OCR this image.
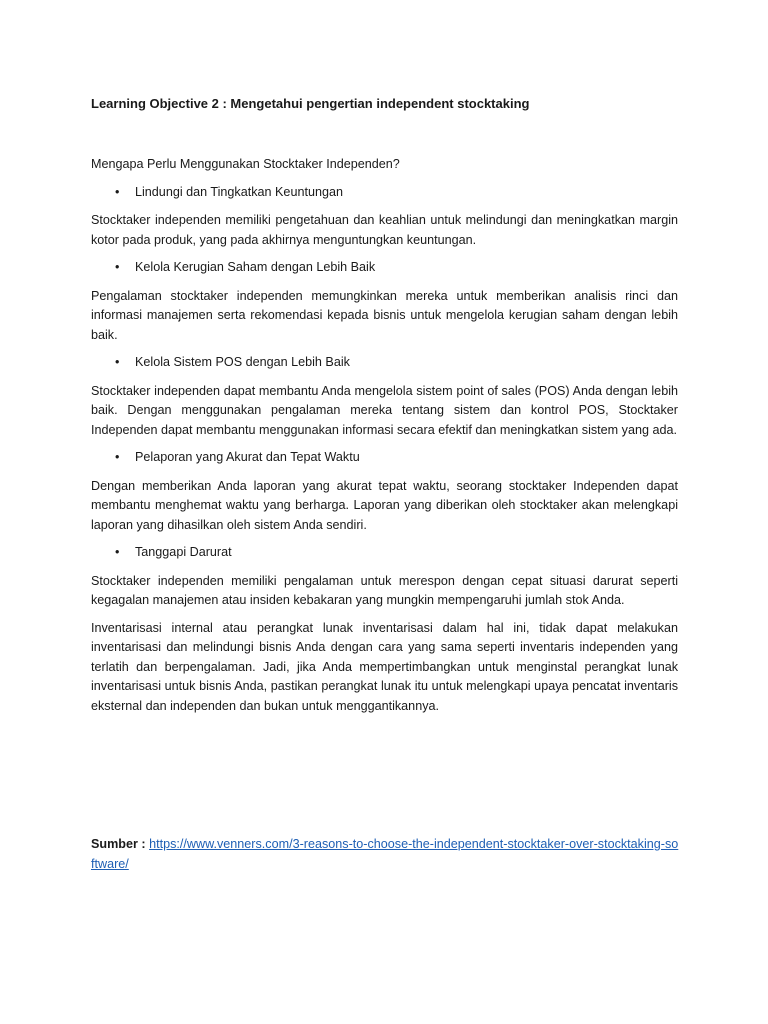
Learning Objective 2 : Mengetahui pengertian independent stocktaking

Mengapa Perlu Menggunakan Stocktaker Independen?

• Lindungi dan Tingkatkan Keuntungan

Stocktaker independen memiliki pengetahuan dan keahlian untuk melindungi dan meningkatkan margin kotor pada produk, yang pada akhirnya menguntungkan keuntungan.

• Kelola Kerugian Saham dengan Lebih Baik

Pengalaman stocktaker independen memungkinkan mereka untuk memberikan analisis rinci dan informasi manajemen serta rekomendasi kepada bisnis untuk mengelola kerugian saham dengan lebih baik.

• Kelola Sistem POS dengan Lebih Baik

Stocktaker independen dapat membantu Anda mengelola sistem point of sales (POS) Anda dengan lebih baik. Dengan menggunakan pengalaman mereka tentang sistem dan kontrol POS, Stocktaker Independen dapat membantu menggunakan informasi secara efektif dan meningkatkan sistem yang ada.

• Pelaporan yang Akurat dan Tepat Waktu

Dengan memberikan Anda laporan yang akurat tepat waktu, seorang stocktaker Independen dapat membantu menghemat waktu yang berharga. Laporan yang diberikan oleh stocktaker akan melengkapi laporan yang dihasilkan oleh sistem Anda sendiri.

• Tanggapi Darurat

Stocktaker independen memiliki pengalaman untuk merespon dengan cepat situasi darurat seperti kegagalan manajemen atau insiden kebakaran yang mungkin mempengaruhi jumlah stok Anda.

Inventarisasi internal atau perangkat lunak inventarisasi dalam hal ini, tidak dapat melakukan inventarisasi dan melindungi bisnis Anda dengan cara yang sama seperti inventaris independen yang terlatih dan berpengalaman. Jadi, jika Anda mempertimbangkan untuk menginstal perangkat lunak inventarisasi untuk bisnis Anda, pastikan perangkat lunak itu untuk melengkapi upaya pencatat inventaris eksternal dan independen dan bukan untuk menggantikannya.

Sumber : https://www.venners.com/3-reasons-to-choose-the-independent-stocktaker-over-stocktaking-software/
